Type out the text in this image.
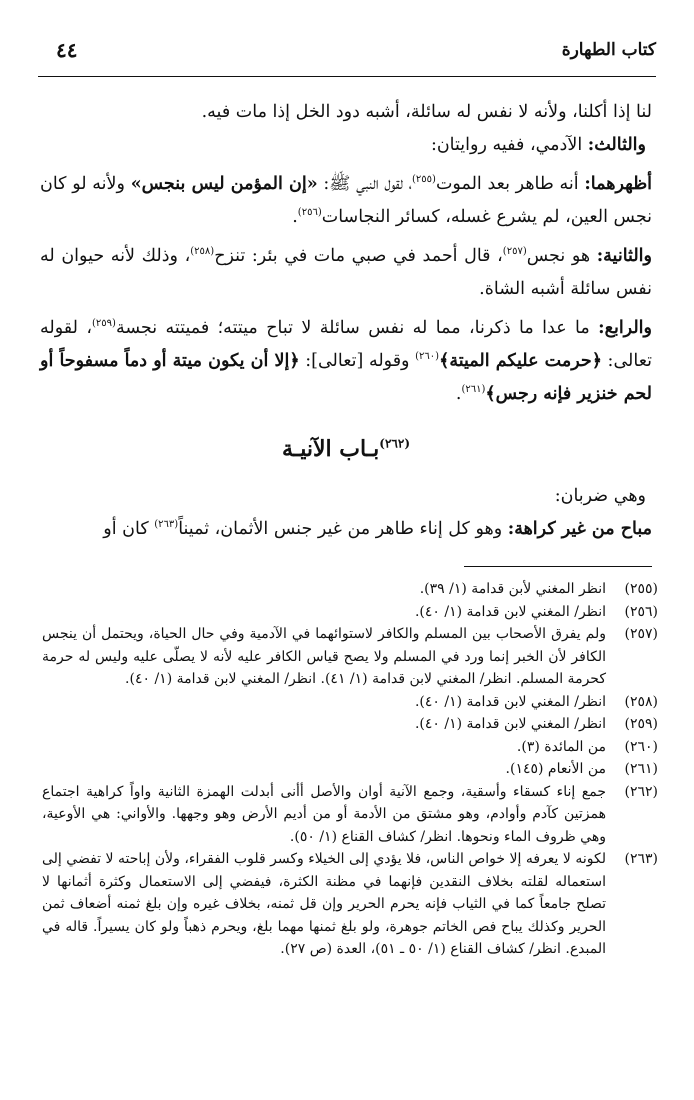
كتاب الطهارة
٤٤

لنا إذا أكلنا، ولأنه لا نفس له سائلة، أشبه دود الخل إذا مات فيه.

والثالث: الآدمي، ففيه روايتان:

أظهرهما: أنه طاهر بعد الموت$^{(٢٥٥)}$، لقول النبي ﷺ: «إن المؤمن ليس بنجس» ولأنه لو كان نجس العين، لم يشرع غسله، كسائر النجاسات$^{(٢٥٦)}$.

والثانية: هو نجس$^{(٢٥٧)}$، قال أحمد في صبي مات في بئر: تنزح$^{(٢٥٨)}$، وذلك لأنه حيوان له نفس سائلة أشبه الشاة.

والرابع: ما عدا ما ذكرنا، مما له نفس سائلة لا تباح ميتته؛ فميتته نجسة$^{(٢٥٩)}$، لقوله تعالى: ﴿حرمت عليكم الميتة﴾$^{(٢٦٠)}$ وقوله [تعالى]: ﴿إلا أن يكون ميتة أو دماً مسفوحاً أو لحم خنزير فإنه رجس﴾$^{(٢٦١)}$.

$^{(٢٦٢)}$بـاب الآنيـة

وهي ضربان:

مباح من غير كراهة: وهو كل إناء طاهر من غير جنس الأثمان، ثميناً$^{(٢٦٣)}$ كان أو

(٢٥٥)
انظر المغني لأبن قدامة (١/ ٣٩).
(٢٥٦)
انظر/ المغني لابن قدامة (١/ ٤٠).
(٢٥٧)
ولم يفرق الأصحاب بين المسلم والكافر لاستوائهما في الآدمية وفي حال الحياة، ويحتمل أن ينجس الكافر لأن الخبر إنما ورد في المسلم ولا يصح قياس الكافر عليه لأنه لا يصلّى عليه وليس له حرمة كحرمة المسلم. انظر/ المغني لابن قدامة (١/ ٤١). انظر/ المغني لابن قدامة (١/ ٤٠).
(٢٥٨)
انظر/ المغني لابن قدامة (١/ ٤٠).
(٢٥٩)
انظر/ المغني لابن قدامة (١/ ٤٠).
(٢٦٠)
من المائدة (٣).
(٢٦١)
من الأنعام (١٤٥).
(٢٦٢)
جمع إناء كسقاء وأسقية، وجمع الآنية أوان والأصل أأنى أبدلت الهمزة الثانية واواً كراهية اجتماع همزتين كآدم وأوادم، وهو مشتق من الأدمة أو من أديم الأرض وهو وجهها. والأواني: هي الأوعية، وهي ظروف الماء ونحوها. انظر/ كشاف القناع (١/ ٥٠).
(٢٦٣)
لكونه لا يعرفه إلا خواص الناس، فلا يؤدي إلى الخيلاء وكسر قلوب الفقراء، ولأن إباحته لا تفضي إلى استعماله لقلته بخلاف النقدين فإنهما في مظنة الكثرة، فيفضي إلى الاستعمال وكثرة أثمانها لا تصلح جامعاً كما في الثياب فإنه يحرم الحرير وإن قل ثمنه، بخلاف غيره وإن بلغ ثمنه أضعاف ثمن الحرير وكذلك يباح فص الخاتم جوهرة، ولو بلغ ثمنها مهما بلغ، ويحرم ذهباً ولو كان يسيراً. قاله في المبدع. انظر/ كشاف القناع (١/ ٥٠ ـ ٥١)، العدة (ص ٢٧).
